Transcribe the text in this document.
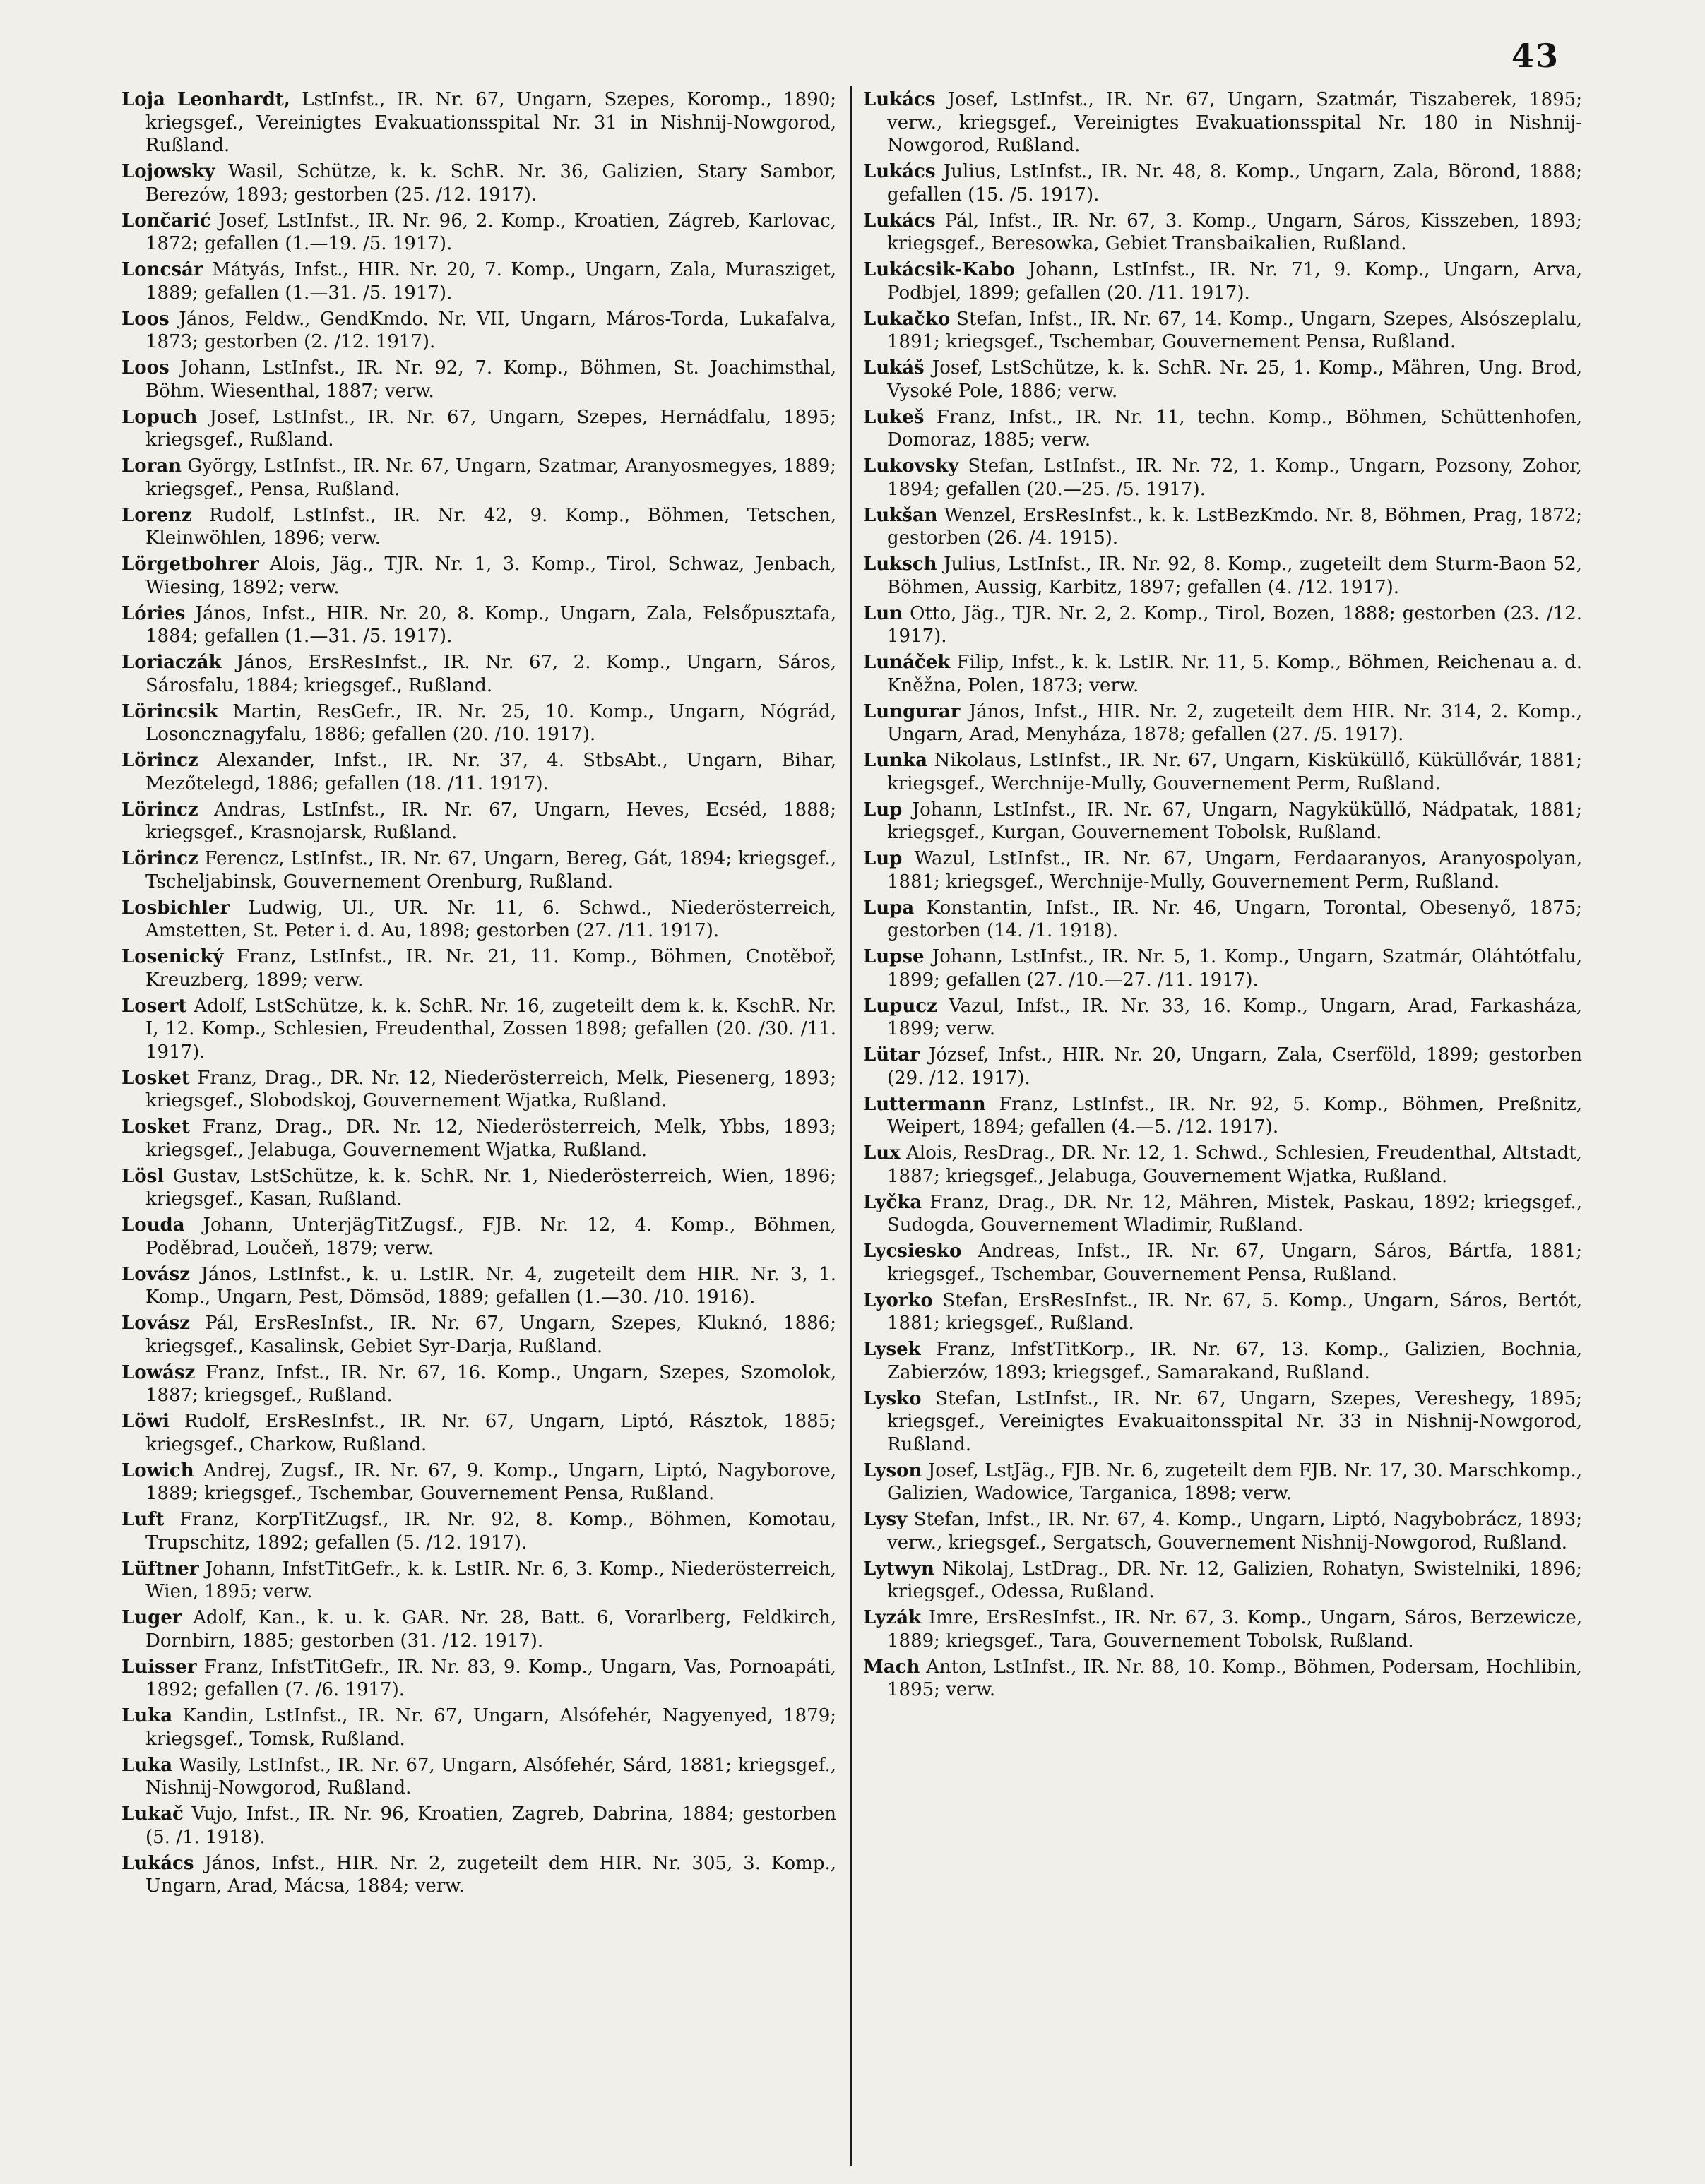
43

Loja Leonhardt, LstInfst., IR. Nr. 67, Ungarn, Szepes, Koromp., 1890; kriegsgef., Vereinigtes Evakuationsspital Nr. 31 in Nishnij-Nowgorod, Rußland.

Lojowsky Wasil, Schütze, k. k. SchR. Nr. 36, Galizien, Stary Sambor, Berezów, 1893; gestorben (25. /12. 1917).

Lončarić Josef, LstInfst., IR. Nr. 96, 2. Komp., Kroatien, Zágreb, Karlovac, 1872; gefallen (1.—19. /5. 1917).

Loncsár Mátyás, Infst., HIR. Nr. 20, 7. Komp., Ungarn, Zala, Murasziget, 1889; gefallen (1.—31. /5. 1917).

Loos János, Feldw., GendKmdo. Nr. VII, Ungarn, Máros-Torda, Lukafalva, 1873; gestorben (2. /12. 1917).

Loos Johann, LstInfst., IR. Nr. 92, 7. Komp., Böhmen, St. Joachimsthal, Böhm. Wiesenthal, 1887; verw.

Lopuch Josef, LstInfst., IR. Nr. 67, Ungarn, Szepes, Hernádfalu, 1895; kriegsgef., Rußland.

Loran György, LstInfst., IR. Nr. 67, Ungarn, Szatmar, Aranyosmegyes, 1889; kriegsgef., Pensa, Rußland.

Lorenz Rudolf, LstInfst., IR. Nr. 42, 9. Komp., Böhmen, Tetschen, Kleinwöhlen, 1896; verw.

Lörgetbohrer Alois, Jäg., TJR. Nr. 1, 3. Komp., Tirol, Schwaz, Jenbach, Wiesing, 1892; verw.

Lóries János, Infst., HIR. Nr. 20, 8. Komp., Ungarn, Zala, Felsőpusztafa, 1884; gefallen (1.—31. /5. 1917).

Loriaczák János, ErsResInfst., IR. Nr. 67, 2. Komp., Ungarn, Sáros, Sárosfalu, 1884; kriegsgef., Rußland.

Lörincsik Martin, ResGefr., IR. Nr. 25, 10. Komp., Ungarn, Nógrád, Losoncznagyfalu, 1886; gefallen (20. /10. 1917).

Lörincz Alexander, Infst., IR. Nr. 37, 4. StbsAbt., Ungarn, Bihar, Mezőtelegd, 1886; gefallen (18. /11. 1917).

Lörincz Andras, LstInfst., IR. Nr. 67, Ungarn, Heves, Ecséd, 1888; kriegsgef., Krasnojarsk, Rußland.

Lörincz Ferencz, LstInfst., IR. Nr. 67, Ungarn, Bereg, Gát, 1894; kriegsgef., Tscheljabinsk, Gouvernement Orenburg, Rußland.

Losbichler Ludwig, Ul., UR. Nr. 11, 6. Schwd., Niederösterreich, Amstetten, St. Peter i. d. Au, 1898; gestorben (27. /11. 1917).

Losenický Franz, LstInfst., IR. Nr. 21, 11. Komp., Böhmen, Cnotěboř, Kreuzberg, 1899; verw.

Losert Adolf, LstSchütze, k. k. SchR. Nr. 16, zugeteilt dem k. k. KschR. Nr. I, 12. Komp., Schlesien, Freudenthal, Zossen 1898; gefallen (20. /30. /11. 1917).

Losket Franz, Drag., DR. Nr. 12, Niederösterreich, Melk, Pieseneгg, 1893; kriegsgef., Slobodskoj, Gouvernement Wjatka, Rußland.

Losket Franz, Drag., DR. Nr. 12, Niederösterreich, Melk, Ybbs, 1893; kriegsgef., Jelabuga, Gouvernement Wjatka, Rußland.

Lösl Gustav, LstSchütze, k. k. SchR. Nr. 1, Niederösterreich, Wien, 1896; kriegsgef., Kasan, Rußland.

Louda Johann, UnterjägTitZugsf., FJB. Nr. 12, 4. Komp., Böhmen, Poděbrad, Loučeň, 1879; verw.

Lovász János, LstInfst., k. u. LstIR. Nr. 4, zugeteilt dem HIR. Nr. 3, 1. Komp., Ungarn, Pest, Dömsöd, 1889; gefallen (1.—30. /10. 1916).

Lovász Pál, ErsResInfst., IR. Nr. 67, Ungarn, Szepes, Kluknó, 1886; kriegsgef., Kasalinsk, Gebiet Syr-Darja, Rußland.

Lowász Franz, Infst., IR. Nr. 67, 16. Komp., Ungarn, Szepes, Szomolok, 1887; kriegsgef., Rußland.

Löwi Rudolf, ErsResInfst., IR. Nr. 67, Ungarn, Liptó, Rásztok, 1885; kriegsgef., Charkow, Rußland.

Lowich Andrej, Zugsf., IR. Nr. 67, 9. Komp., Ungarn, Liptó, Nagyborove, 1889; kriegsgef., Tschembar, Gouvernement Pensa, Rußland.

Luft Franz, KorpTitZugsf., IR. Nr. 92, 8. Komp., Böhmen, Komotau, Trupschitz, 1892; gefallen (5. /12. 1917).

Lüftner Johann, InfstTitGefr., k. k. LstIR. Nr. 6, 3. Komp., Niederösterreich, Wien, 1895; verw.

Luger Adolf, Kan., k. u. k. GAR. Nr. 28, Batt. 6, Vorarlberg, Feldkirch, Dornbirn, 1885; gestorben (31. /12. 1917).

Luisser Franz, InfstTitGefr., IR. Nr. 83, 9. Komp., Ungarn, Vas, Pornoapáti, 1892; gefallen (7. /6. 1917).

Luka Kandin, LstInfst., IR. Nr. 67, Ungarn, Alsófehér, Nagyenyed, 1879; kriegsgef., Tomsk, Rußland.

Luka Wasily, LstInfst., IR. Nr. 67, Ungarn, Alsófehér, Sárd, 1881; kriegsgef., Nishnij-Nowgorod, Rußland.

Lukač Vujo, Infst., IR. Nr. 96, Kroatien, Zagreb, Dabrina, 1884; gestorben (5. /1. 1918).

Lukács János, Infst., HIR. Nr. 2, zugeteilt dem HIR. Nr. 305, 3. Komp., Ungarn, Arad, Mácsa, 1884; verw.

Lukács Josef, LstInfst., IR. Nr. 67, Ungarn, Szatmár, Tiszaberek, 1895; verw., kriegsgef., Vereinigtes Evakuationsspital Nr. 180 in Nishnij-Nowgorod, Rußland.

Lukács Julius, LstInfst., IR. Nr. 48, 8. Komp., Ungarn, Zala, Börond, 1888; gefallen (15. /5. 1917).

Lukács Pál, Infst., IR. Nr. 67, 3. Komp., Ungarn, Sáros, Kisszeben, 1893; kriegsgef., Beresowka, Gebiet Transbaikalien, Rußland.

Lukácsik-Kabo Johann, LstInfst., IR. Nr. 71, 9. Komp., Ungarn, Arva, Podbjel, 1899; gefallen (20. /11. 1917).

Lukačko Stefan, Infst., IR. Nr. 67, 14. Komp., Ungarn, Szepes, Alsószeplalu, 1891; kriegsgef., Tschembar, Gouvernement Pensa, Rußland.

Lukáš Josef, LstSchütze, k. k. SchR. Nr. 25, 1. Komp., Mähren, Ung. Brod, Vysoké Pole, 1886; verw.

Lukeš Franz, Infst., IR. Nr. 11, techn. Komp., Böhmen, Schüttenhofen, Domoraz, 1885; verw.

Lukovsky Stefan, LstInfst., IR. Nr. 72, 1. Komp., Ungarn, Pozsony, Zohor, 1894; gefallen (20.—25. /5. 1917).

Lukšan Wenzel, ErsResInfst., k. k. LstBezKmdo. Nr. 8, Böhmen, Prag, 1872; gestorben (26. /4. 1915).

Luksch Julius, LstInfst., IR. Nr. 92, 8. Komp., zugeteilt dem Sturm-Baon 52, Böhmen, Aussig, Karbitz, 1897; gefallen (4. /12. 1917).

Lun Otto, Jäg., TJR. Nr. 2, 2. Komp., Tirol, Bozen, 1888; gestorben (23. /12. 1917).

Lunáček Filip, Infst., k. k. LstIR. Nr. 11, 5. Komp., Böhmen, Reichenau a. d. Kněžna, Polen, 1873; verw.

Lungurar János, Infst., HIR. Nr. 2, zugeteilt dem HIR. Nr. 314, 2. Komp., Ungarn, Arad, Menyháza, 1878; gefallen (27. /5. 1917).

Lunka Nikolaus, LstInfst., IR. Nr. 67, Ungarn, Kisküküllő, Küküllővár, 1881; kriegsgef., Werchnije-Mully, Gouvernement Perm, Rußland.

Lup Johann, LstInfst., IR. Nr. 67, Ungarn, Nagyküküllő, Nádpatak, 1881; kriegsgef., Kurgan, Gouvernement Tobolsk, Rußland.

Lup Wazul, LstInfst., IR. Nr. 67, Ungarn, Ferdaaranyos, Aranyospolyan, 1881; kriegsgef., Werchnije-Mully, Gouvernement Perm, Rußland.

Lupa Konstantin, Infst., IR. Nr. 46, Ungarn, Torontal, Obesenyő, 1875; gestorben (14. /1. 1918).

Lupse Johann, LstInfst., IR. Nr. 5, 1. Komp., Ungarn, Szatmár, Oláhtótfalu, 1899; gefallen (27. /10.—27. /11. 1917).

Lupucz Vazul, Infst., IR. Nr. 33, 16. Komp., Ungarn, Arad, Farkasháza, 1899; verw.

Lütar József, Infst., HIR. Nr. 20, Ungarn, Zala, Cserföld, 1899; gestorben (29. /12. 1917).

Luttermann Franz, LstInfst., IR. Nr. 92, 5. Komp., Böhmen, Preßnitz, Weipert, 1894; gefallen (4.—5. /12. 1917).

Lux Alois, ResDrag., DR. Nr. 12, 1. Schwd., Schlesien, Freudenthal, Altstadt, 1887; kriegsgef., Jelabuga, Gouvernement Wjatka, Rußland.

Lyčka Franz, Drag., DR. Nr. 12, Mähren, Mistek, Paskau, 1892; kriegsgef., Sudogda, Gouvernement Wladimir, Rußland.

Lycsiesko Andreas, Infst., IR. Nr. 67, Ungarn, Sáros, Bártfa, 1881; kriegsgef., Tschembar, Gouvernement Pensa, Rußland.

Lyorko Stefan, ErsResInfst., IR. Nr. 67, 5. Komp., Ungarn, Sáros, Bertót, 1881; kriegsgef., Rußland.

Lysek Franz, InfstTitKorp., IR. Nr. 67, 13. Komp., Galizien, Bochnia, Zabierzów, 1893; kriegsgef., Samarakand, Rußland.

Lysko Stefan, LstInfst., IR. Nr. 67, Ungarn, Szepes, Vereshegy, 1895; kriegsgef., Vereinigtes Evakuaitonsspital Nr. 33 in Nishnij-Nowgorod, Rußland.

Lyson Josef, LstJäg., FJB. Nr. 6, zugeteilt dem FJB. Nr. 17, 30. Marschkomp., Galizien, Wadowice, Targanica, 1898; verw.

Lysy Stefan, Infst., IR. Nr. 67, 4. Komp., Ungarn, Liptó, Nagybobrácz, 1893; verw., kriegsgef., Sergatsch, Gouvernement Nishnij-Nowgorod, Rußland.

Lytwyn Nikolaj, LstDrag., DR. Nr. 12, Galizien, Rohatyn, Swistelniki, 1896; kriegsgef., Odessa, Rußland.

Lyzák Imre, ErsResInfst., IR. Nr. 67, 3. Komp., Ungarn, Sáros, Berzewicze, 1889; kriegsgef., Tara, Gouvernement Tobolsk, Rußland.

Mach Anton, LstInfst., IR. Nr. 88, 10. Komp., Böhmen, Podersam, Hochlibin, 1895; verw.
